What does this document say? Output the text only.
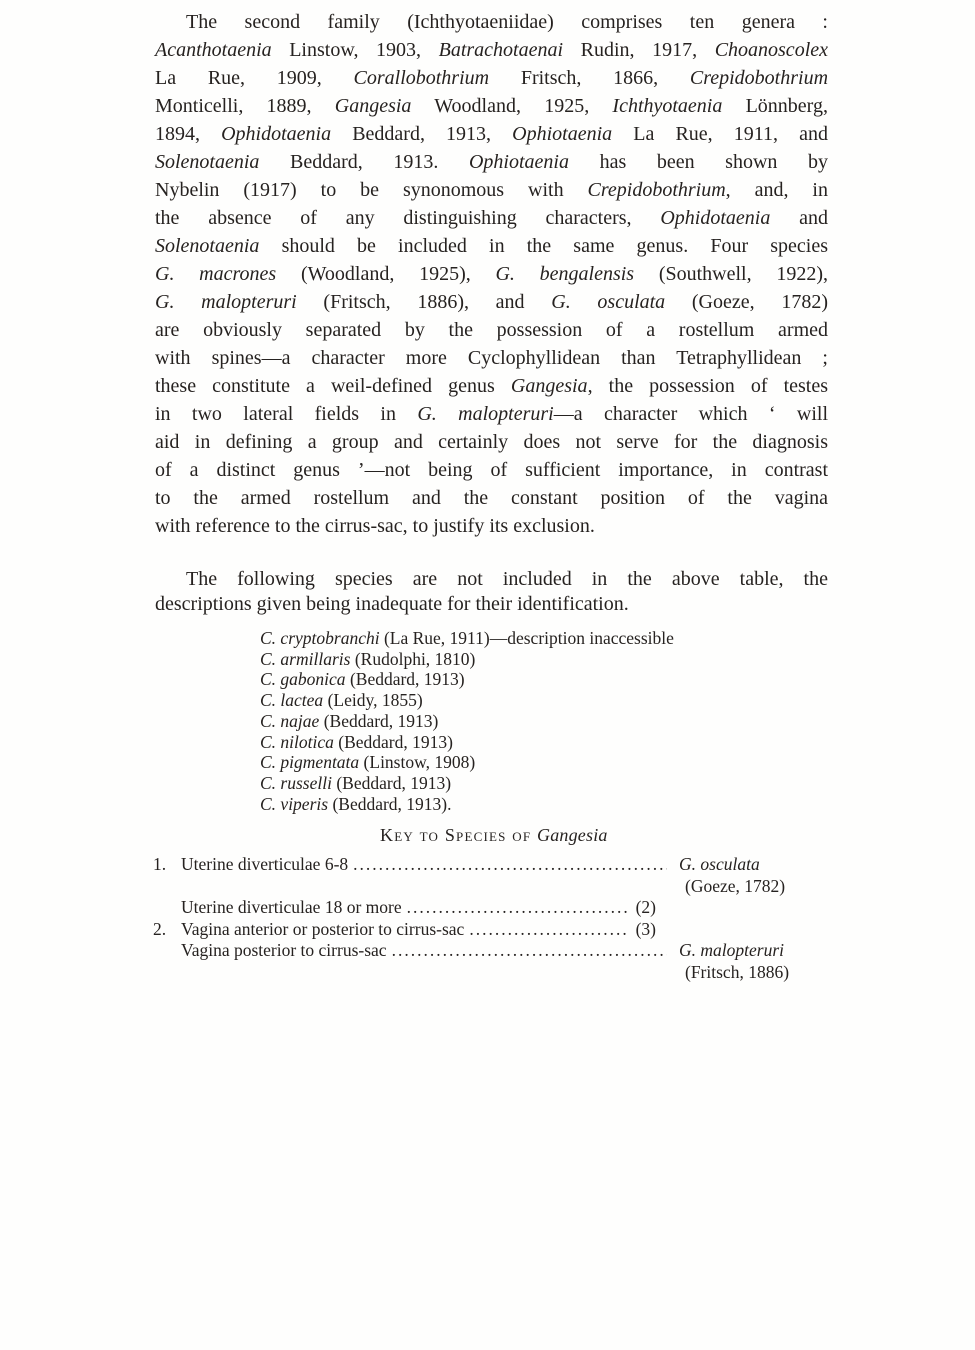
The second family (Ichthyotaeniidae) comprises ten genera :
Acanthotaenia Linstow, 1903, Batrachotaenai Rudin, 1917, Choanoscolex
La Rue, 1909, Corallobothrium Fritsch, 1866, Crepidobothrium
Monticelli, 1889, Gangesia Woodland, 1925, Ichthyotaenia Lönnberg,
1894, Ophidotaenia Beddard, 1913, Ophiotaenia La Rue, 1911, and
Solenotaenia Beddard, 1913. Ophiotaenia has been shown by
Nybelin (1917) to be synonomous with Crepidobothrium, and, in
the absence of any distinguishing characters, Ophidotaenia and
Solenotaenia should be included in the same genus. Four species
G. macrones (Woodland, 1925), G. bengalensis (Southwell, 1922),
G. malopteruri (Fritsch, 1886), and G. osculata (Goeze, 1782)
are obviously separated by the possession of a rostellum armed
with spines—a character more Cyclophyllidean than Tetraphyllidean ;
these constitute a weil-defined genus Gangesia, the possession of testes
in two lateral fields in G. malopteruri—a character which ‘ will
aid in defining a group and certainly does not serve for the diagnosis
of a distinct genus ’—not being of sufficient importance, in contrast
to the armed rostellum and the constant position of the vagina
with reference to the cirrus-sac, to justify its exclusion.
The following species are not included in the above table, the
descriptions given being inadequate for their identification.
C. cryptobranchi (La Rue, 1911)—description inaccessible
C. armillaris (Rudolphi, 1810)
C. gabonica (Beddard, 1913)
C. lactea (Leidy, 1855)
C. najae (Beddard, 1913)
C. nilotica (Beddard, 1913)
C. pigmentata (Linstow, 1908)
C. russelli (Beddard, 1913)
C. viperis (Beddard, 1913).
Key to Species of Gangesia
1. Uterine diverticulae 6-8 .....	G. osculata
(Goeze, 1782)
Uterine diverticulae 18 or more .....	(2)
2. Vagina anterior or posterior to cirrus-sac .....	(3)
Vagina posterior to cirrus-sac .....	G. malopteruri
(Fritsch, 1886)
